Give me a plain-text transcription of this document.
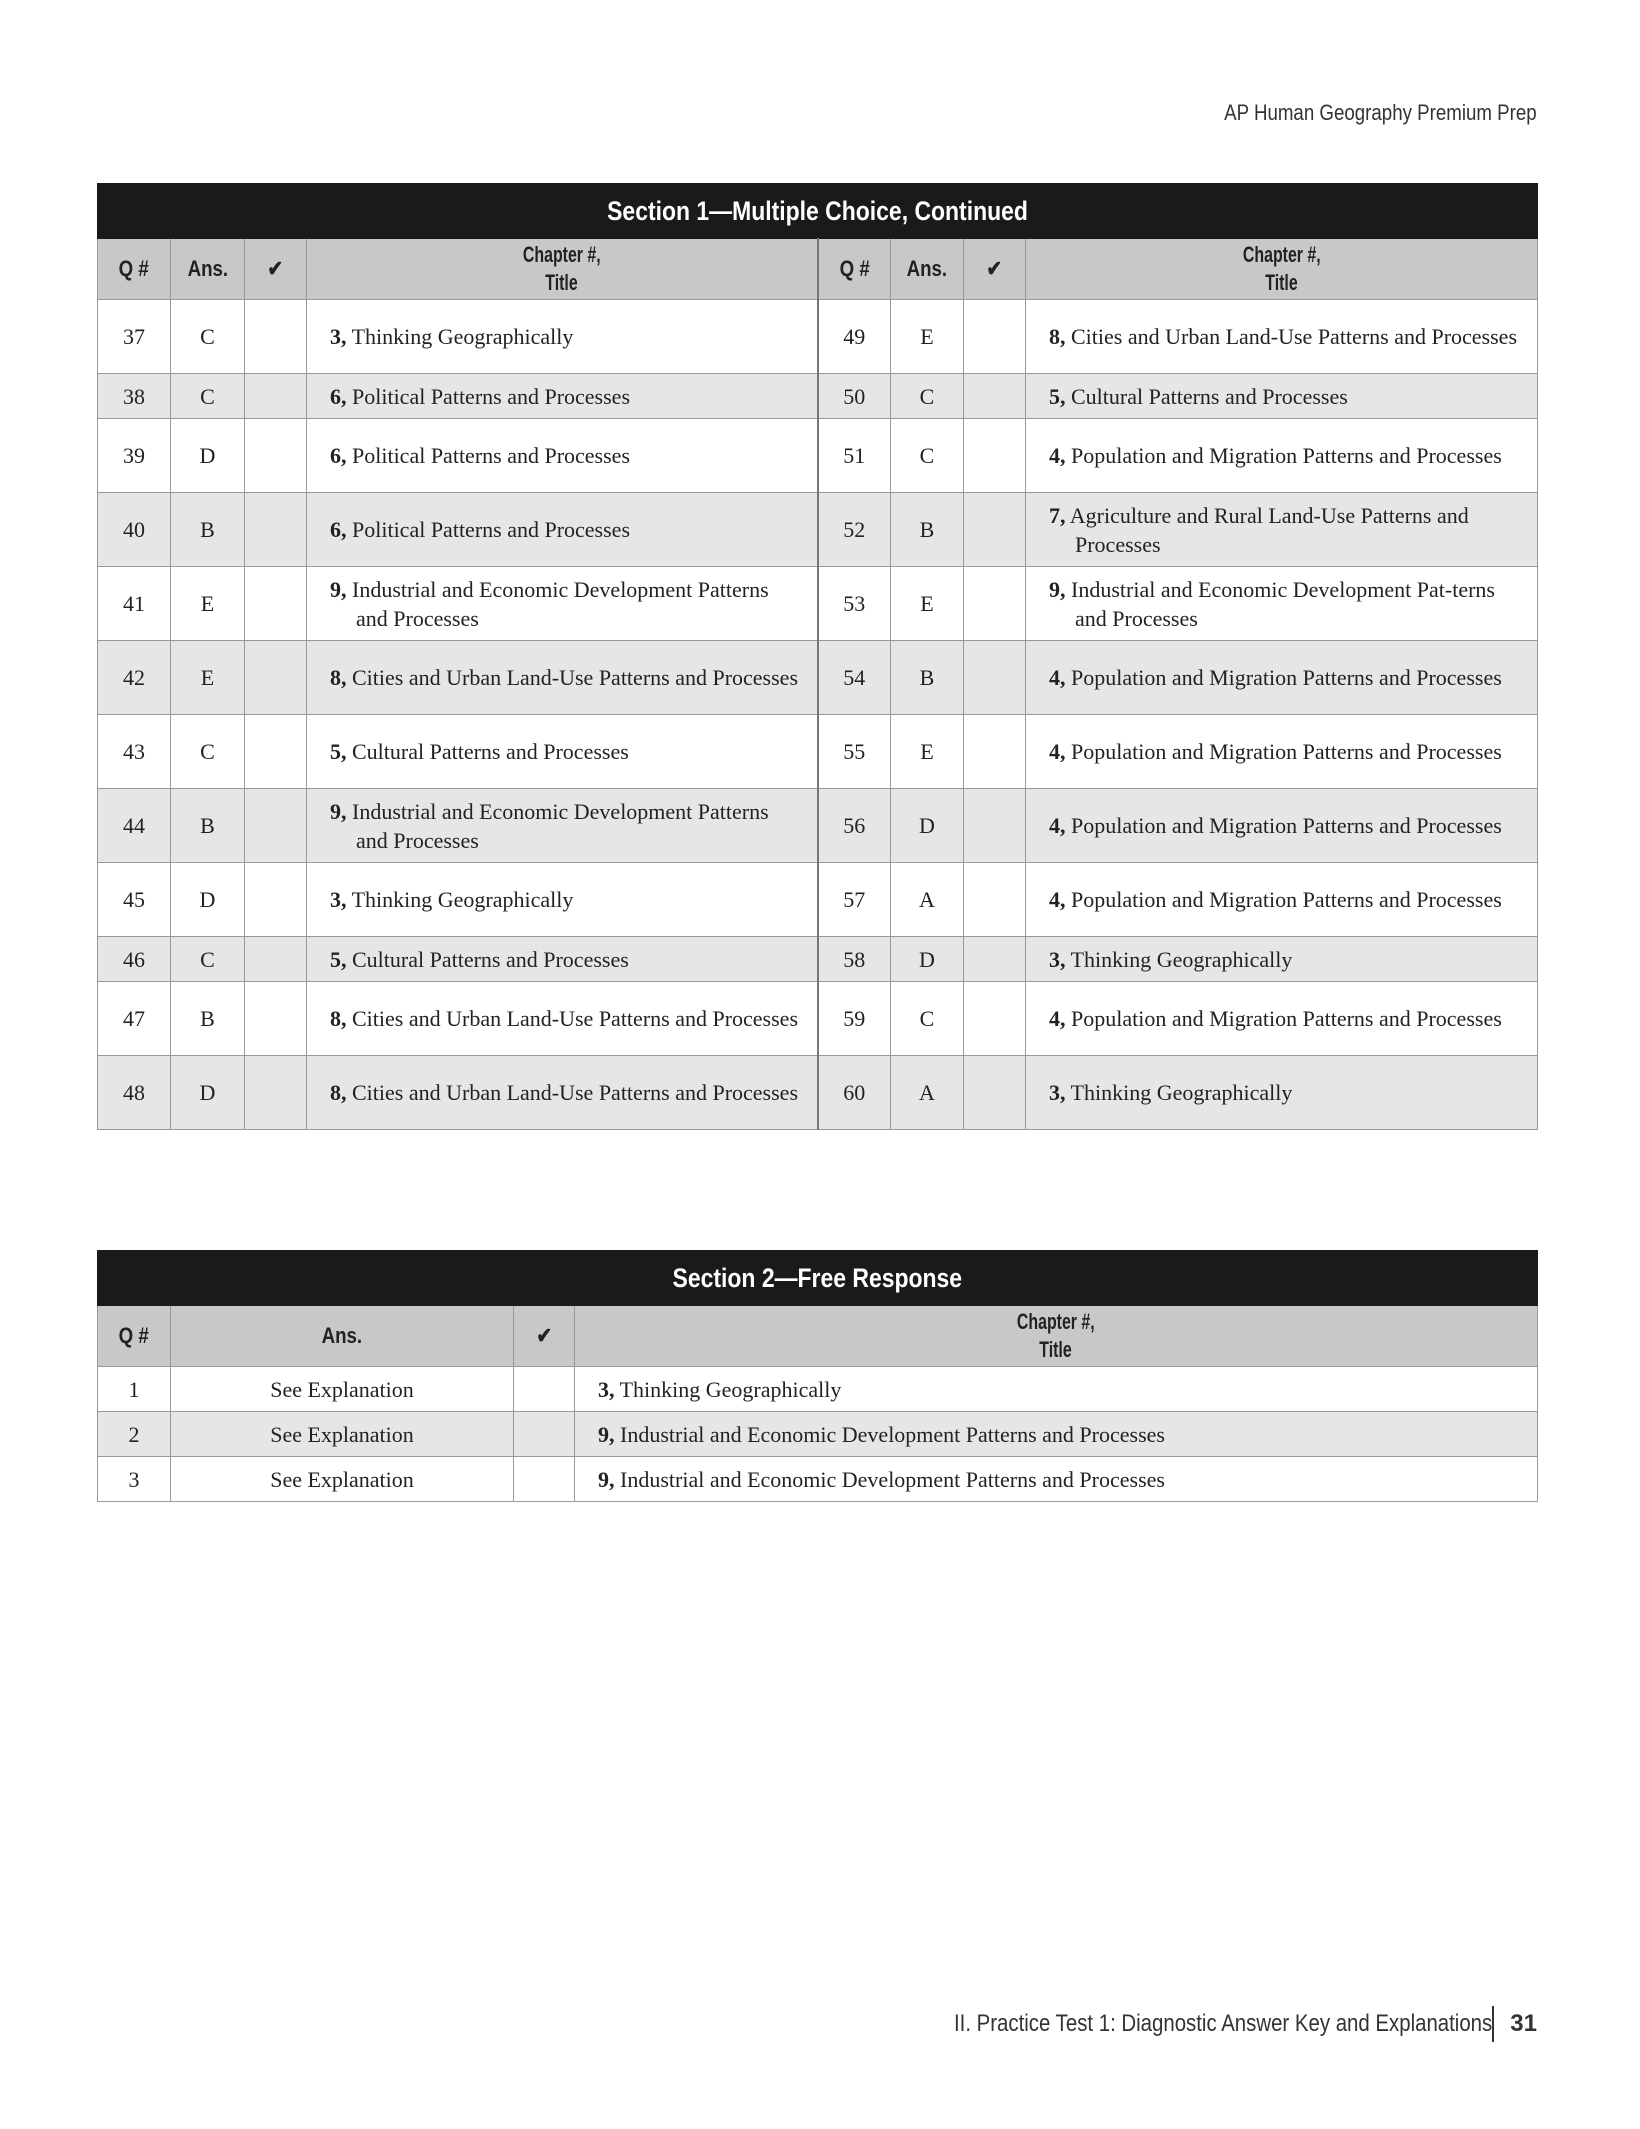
AP Human Geography Premium Prep
Section 1—Multiple Choice, Continued							
Q #	Ans.	✔	Chapter #,
Title	Q #	Ans.	✔	Chapter #,
Title
37	C		3, Thinking Geographically	49	E		8, Cities and Urban Land-Use Patterns and Processes

38	C		6, Political Patterns and Processes	50	C		5, Cultural Patterns and Processes

39	D		6, Political Patterns and Processes	51	C		4, Population and Migration Patterns and Processes

40	B		6, Political Patterns and Processes	52	B		7, Agriculture and Rural Land-Use Patterns and Processes

41	E		9, Industrial and Economic Development Patterns and Processes	53	E		9, Industrial and Economic Development Pat-terns and Processes

42	E		8, Cities and Urban Land-Use Patterns and Processes	54	B		4, Population and Migration Patterns and Processes

43	C		5, Cultural Patterns and Processes	55	E		4, Population and Migration Patterns and Processes

44	B		9, Industrial and Economic Development Patterns and Processes	56	D		4, Population and Migration Patterns and Processes

45	D		3, Thinking Geographically	57	A		4, Population and Migration Patterns and Processes

46	C		5, Cultural Patterns and Processes	58	D		3, Thinking Geographically

47	B		8, Cities and Urban Land-Use Patterns and Processes	59	C		4, Population and Migration Patterns and Processes

48	D		8, Cities and Urban Land-Use Patterns and Processes	60	A		3, Thinking Geographically
Section 2—Free Response			
Q #	Ans.	✔	Chapter #,
Title
1	See Explanation		3, Thinking Geographically

2	See Explanation		9, Industrial and Economic Development Patterns and Processes

3	See Explanation		9, Industrial and Economic Development Patterns and Processes
II. Practice Test 1: Diagnostic Answer Key and Explanations 31
